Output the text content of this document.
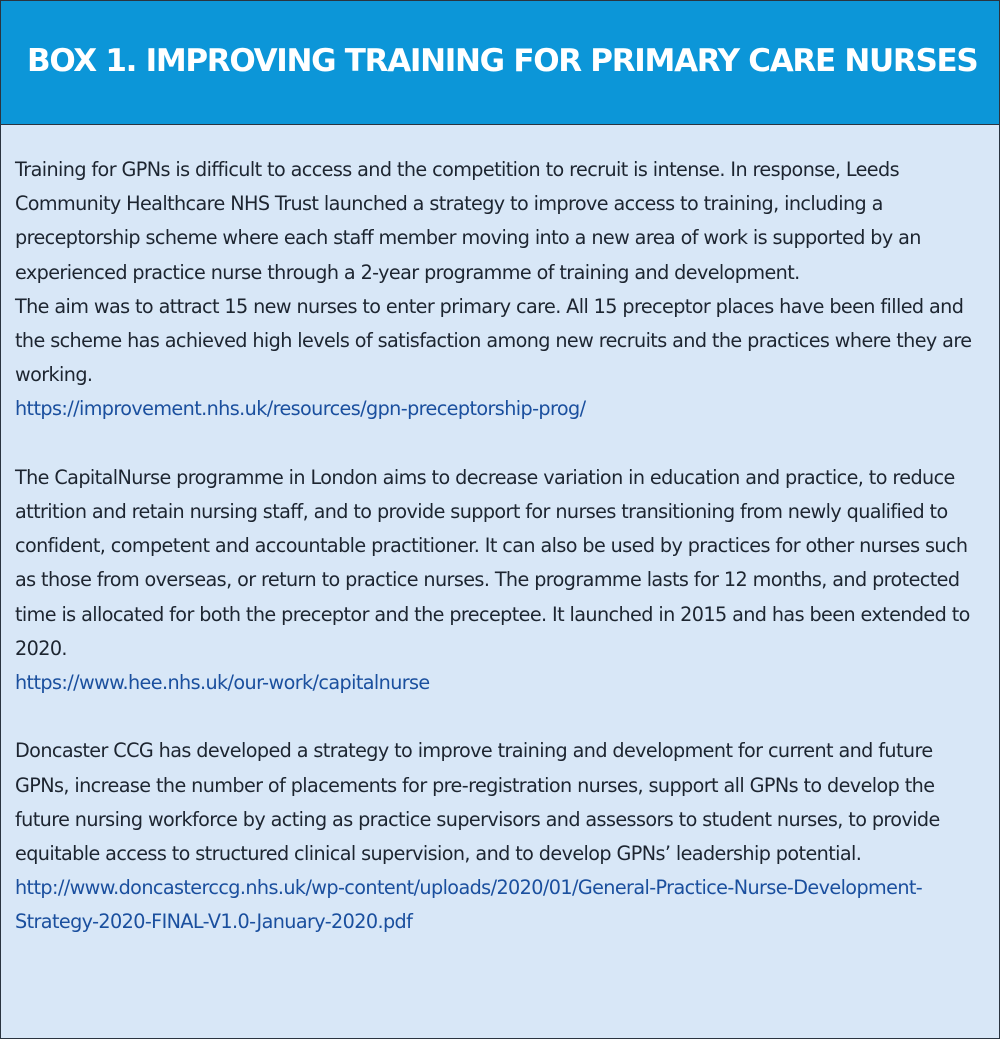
BOX 1. IMPROVING TRAINING FOR PRIMARY CARE NURSES

Training for GPNs is difficult to access and the competition to recruit is intense. In response, Leeds Community Healthcare NHS Trust launched a strategy to improve access to training, including a preceptorship scheme where each staff member moving into a new area of work is supported by an experienced practice nurse through a 2-year programme of training and development.

The aim was to attract 15 new nurses to enter primary care. All 15 preceptor places have been filled and the scheme has achieved high levels of satisfaction among new recruits and the practices where they are working.

https://improvement.nhs.uk/resources/gpn-preceptorship-prog/

The CapitalNurse programme in London aims to decrease variation in education and practice, to reduce attrition and retain nursing staff, and to provide support for nurses transitioning from newly qualified to confident, competent and accountable practitioner. It can also be used by practices for other nurses such as those from overseas, or return to practice nurses. The programme lasts for 12 months, and protected time is allocated for both the preceptor and the preceptee. It launched in 2015 and has been extended to 2020.

https://www.hee.nhs.uk/our-work/capitalnurse

Doncaster CCG has developed a strategy to improve training and development for current and future GPNs, increase the number of placements for pre-registration nurses, support all GPNs to develop the future nursing workforce by acting as practice supervisors and assessors to student nurses, to provide equitable access to structured clinical supervision, and to develop GPNs’ leadership potential.

http://www.doncasterccg.nhs.uk/wp-content/uploads/2020/01/General-Practice-Nurse-Development-Strategy-2020-FINAL-V1.0-January-2020.pdf
